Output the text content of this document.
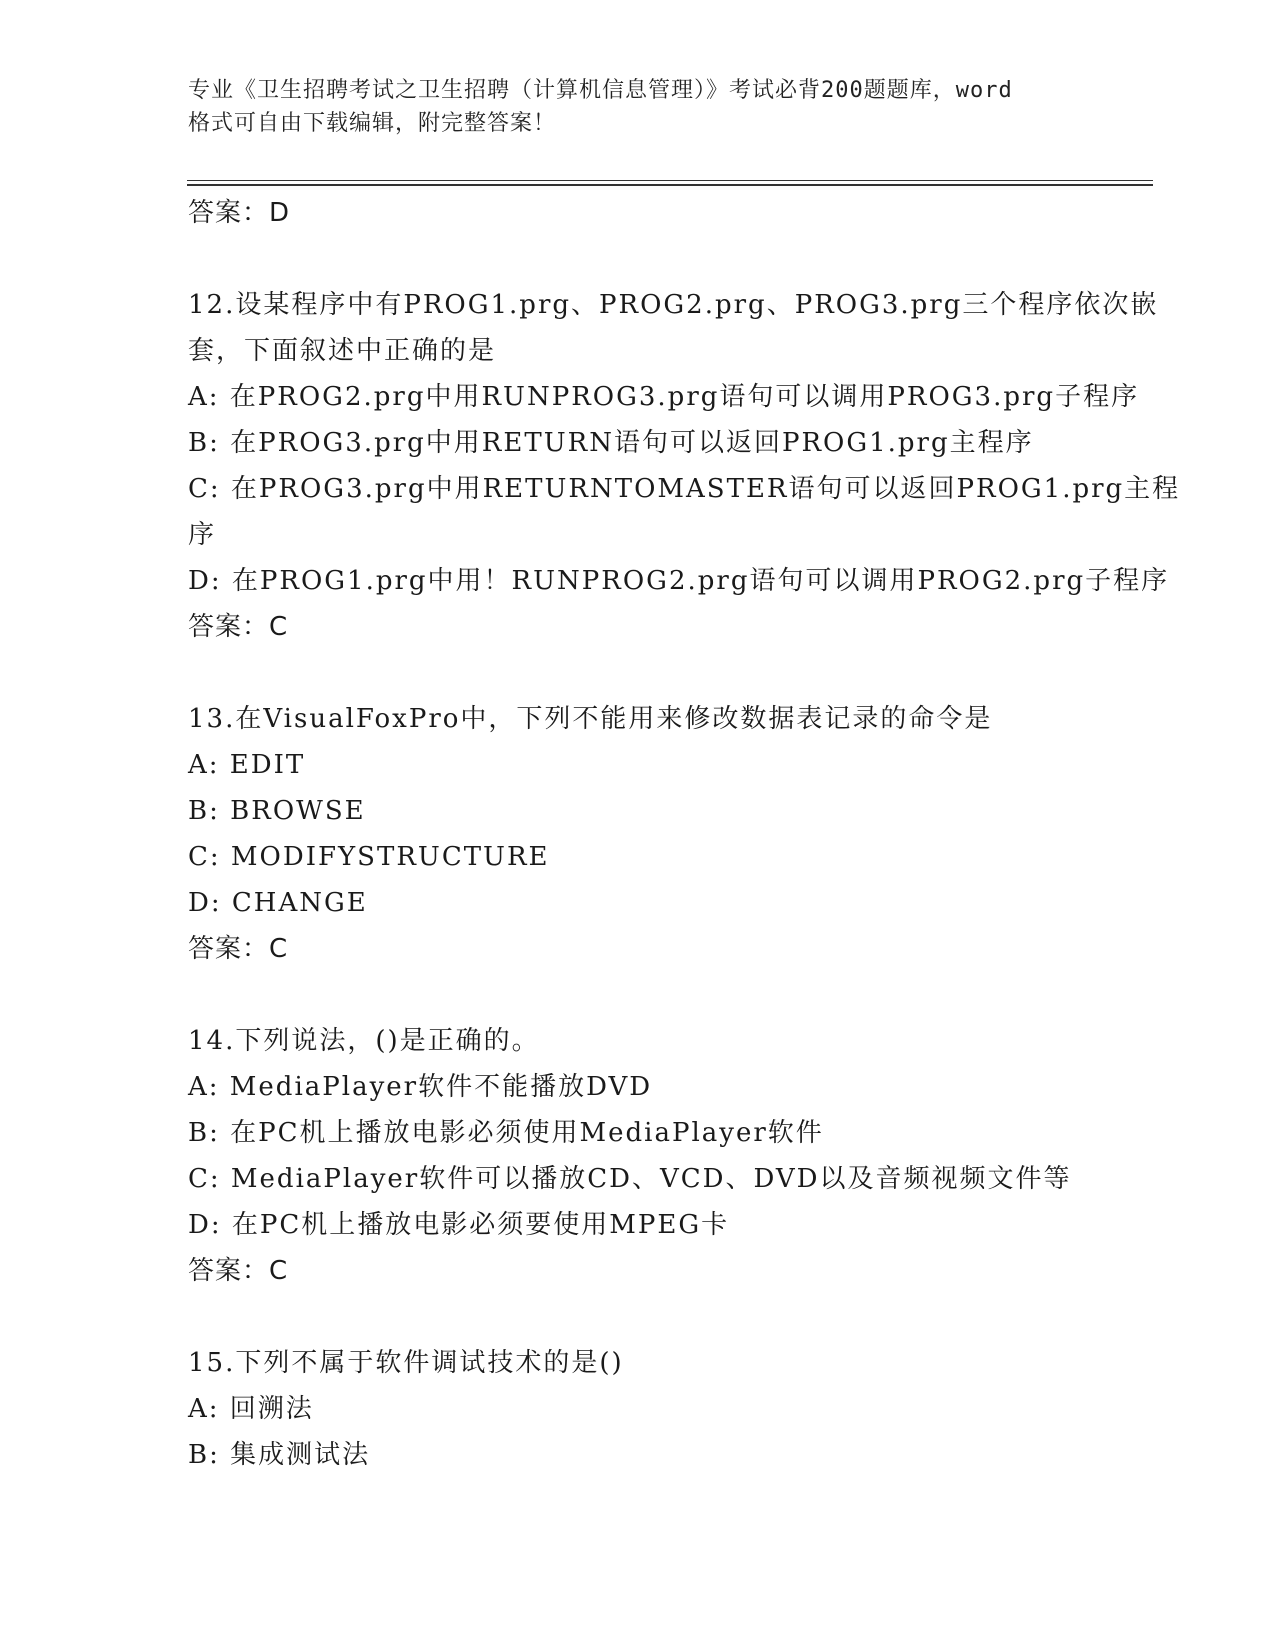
专业《卫生招聘考试之卫生招聘（计算机信息管理）》考试必背200题题库，word
格式可自由下载编辑，附完整答案！
答案：D
12.设某程序中有PROG1.prg、PROG2.prg、PROG3.prg三个程序依次嵌
套，下面叙述中正确的是
A: 在PROG2.prg中用RUNPROG3.prg语句可以调用PROG3.prg子程序
B: 在PROG3.prg中用RETURN语句可以返回PROG1.prg主程序
C: 在PROG3.prg中用RETURNTOMASTER语句可以返回PROG1.prg主程
序
D: 在PROG1.prg中用！RUNPROG2.prg语句可以调用PROG2.prg子程序
答案：C
13.在VisualFoxPro中，下列不能用来修改数据表记录的命令是
A: EDIT
B: BROWSE
C: MODIFYSTRUCTURE
D: CHANGE
答案：C
14.下列说法，()是正确的。
A: MediaPlayer软件不能播放DVD
B: 在PC机上播放电影必须使用MediaPlayer软件
C: MediaPlayer软件可以播放CD、VCD、DVD以及音频视频文件等
D: 在PC机上播放电影必须要使用MPEG卡
答案：C
15.下列不属于软件调试技术的是()
A: 回溯法
B: 集成测试法
